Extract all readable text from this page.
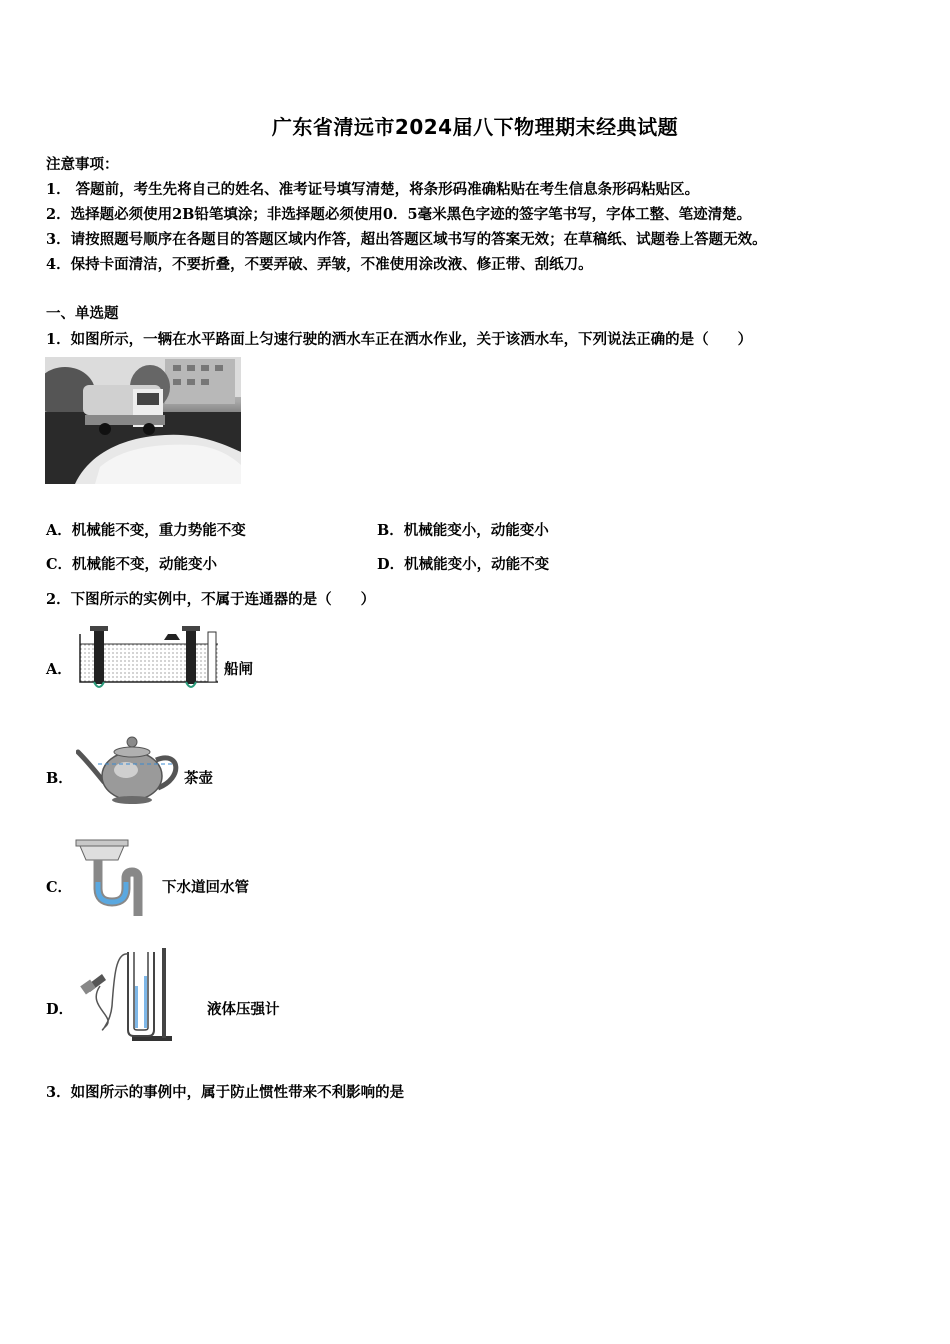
广东省清远市2024届八下物理期末经典试题
注意事项：
1． 答题前，考生先将自己的姓名、准考证号填写清楚，将条形码准确粘贴在考生信息条形码粘贴区。
2．选择题必须使用2B铅笔填涂；非选择题必须使用0．5毫米黑色字迹的签字笔书写，字体工整、笔迹清楚。
3．请按照题号顺序在各题目的答题区域内作答，超出答题区域书写的答案无效；在草稿纸、试题卷上答题无效。
4．保持卡面清洁，不要折叠，不要弄破、弄皱，不准使用涂改液、修正带、刮纸刀。
一、单选题
1．如图所示，一辆在水平路面上匀速行驶的洒水车正在洒水作业，关于该洒水车，下列说法正确的是（　　）
A．机械能不变，重力势能不变	B．机械能变小，动能变小
C．机械能不变，动能变小	D．机械能变小，动能不变
2．下图所示的实例中，不属于连通器的是（　　）
A．	船闸
B．	茶壶
C．	下水道回水管
D．	液体压强计
3．如图所示的事例中，属于防止惯性带来不利影响的是
